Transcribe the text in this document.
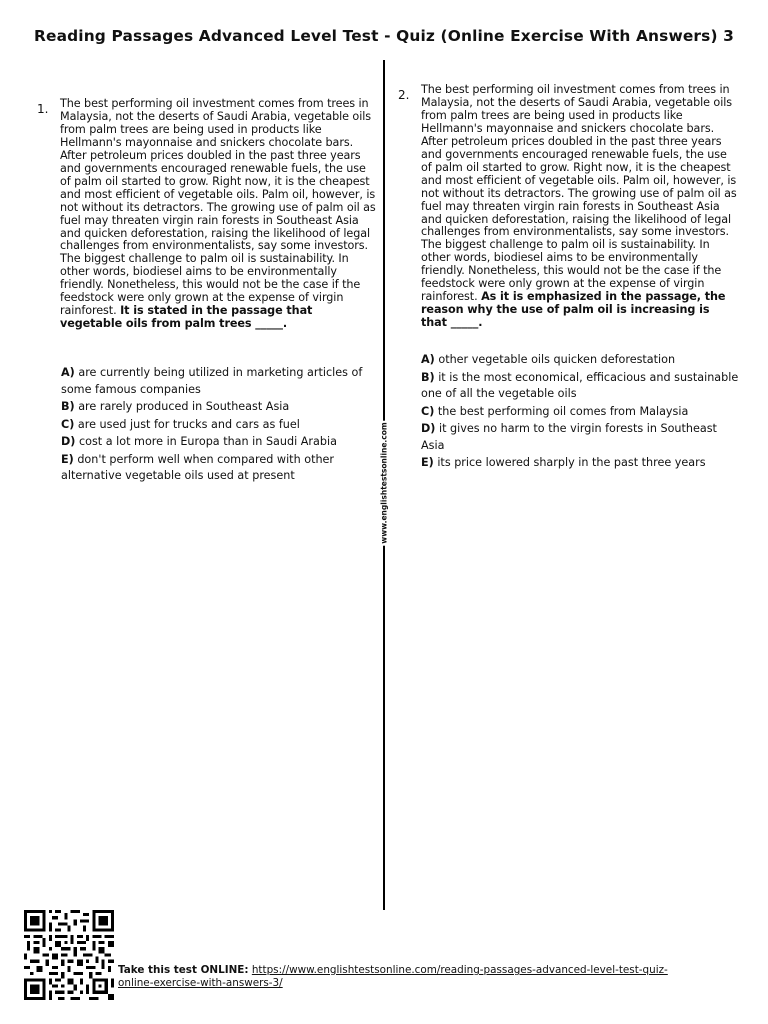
Reading Passages Advanced Level Test - Quiz (Online Exercise With Answers) 3
www.englishtestsonline.com
1. The best performing oil investment comes from trees in Malaysia, not the deserts of Saudi Arabia, vegetable oils from palm trees are being used in products like Hellmann's mayonnaise and snickers chocolate bars. After petroleum prices doubled in the past three years and governments encouraged renewable fuels, the use of palm oil started to grow. Right now, it is the cheapest and most efficient of vegetable oils. Palm oil, however, is not without its detractors. The growing use of palm oil as fuel may threaten virgin rain forests in Southeast Asia and quicken deforestation, raising the likelihood of legal challenges from environmentalists, say some investors. The biggest challenge to palm oil is sustainability. In other words, biodiesel aims to be environmentally friendly. Nonetheless, this would not be the case if the feedstock were only grown at the expense of virgin rainforest. It is stated in the passage that vegetable oils from palm trees _____.
A) are currently being utilized in marketing articles of some famous companies
B) are rarely produced in Southeast Asia
C) are used just for trucks and cars as fuel
D) cost a lot more in Europa than in Saudi Arabia
E) don't perform well when compared with other alternative vegetable oils used at present
2. The best performing oil investment comes from trees in Malaysia, not the deserts of Saudi Arabia, vegetable oils from palm trees are being used in products like Hellmann's mayonnaise and snickers chocolate bars. After petroleum prices doubled in the past three years and governments encouraged renewable fuels, the use of palm oil started to grow. Right now, it is the cheapest and most efficient of vegetable oils. Palm oil, however, is not without its detractors. The growing use of palm oil as fuel may threaten virgin rain forests in Southeast Asia and quicken deforestation, raising the likelihood of legal challenges from environmentalists, say some investors. The biggest challenge to palm oil is sustainability. In other words, biodiesel aims to be environmentally friendly. Nonetheless, this would not be the case if the feedstock were only grown at the expense of virgin rainforest. As it is emphasized in the passage, the reason why the use of palm oil is increasing is that _____.
A) other vegetable oils quicken deforestation
B) it is the most economical, efficacious and sustainable one of all the vegetable oils
C) the best performing oil comes from Malaysia
D) it gives no harm to the virgin forests in Southeast Asia
E) its price lowered sharply in the past three years
Take this test ONLINE: https://www.englishtestsonline.com/reading-passages-advanced-level-test-quiz-online-exercise-with-answers-3/
